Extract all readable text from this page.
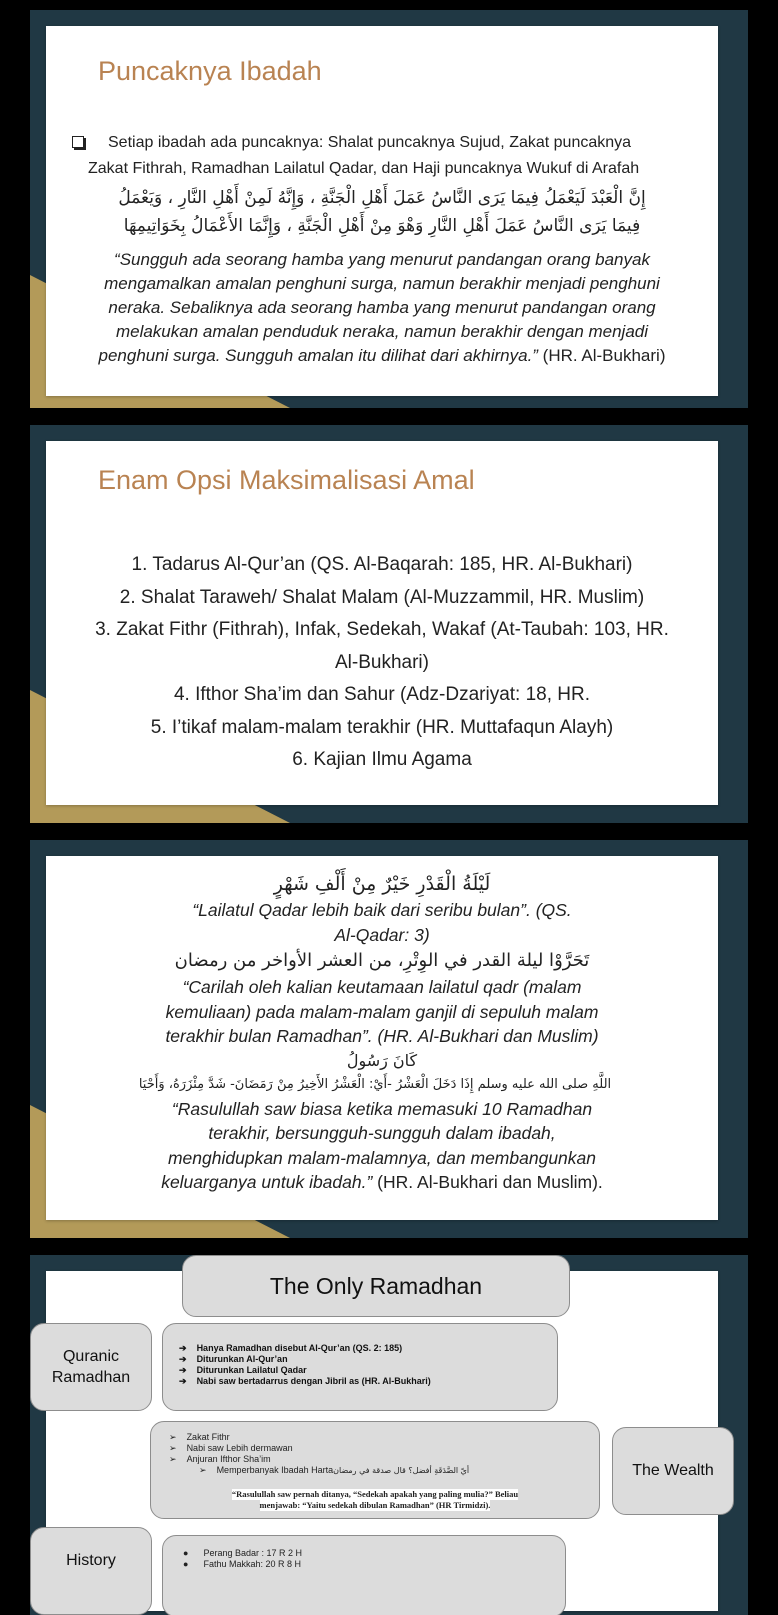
Puncaknya Ibadah
Setiap ibadah ada puncaknya: Shalat puncaknya Sujud, Zakat puncaknya
Zakat Fithrah, Ramadhan Lailatul Qadar, dan Haji puncaknya Wukuf di Arafah
إِنَّ الْعَبْدَ لَيَعْمَلُ فِيمَا يَرَى النَّاسُ عَمَلَ أَهْلِ الْجَنَّةِ ، وَإِنَّهُ لَمِنْ أَهْلِ النَّارِ ، وَيَعْمَلُ
فِيمَا يَرَى النَّاسُ عَمَلَ أَهْلِ النَّارِ وَهْوَ مِنْ أَهْلِ الْجَنَّةِ ، وَإِنَّمَا الأَعْمَالُ بِخَوَاتِيمِهَا
“Sungguh ada seorang hamba yang menurut pandangan orang banyak
mengamalkan amalan penghuni surga, namun berakhir menjadi penghuni
neraka. Sebaliknya ada seorang hamba yang menurut pandangan orang
melakukan amalan penduduk neraka, namun berakhir dengan menjadi
penghuni surga. Sungguh amalan itu dilihat dari akhirnya.” (HR. Al-Bukhari)
Enam Opsi Maksimalisasi Amal
1. Tadarus Al-Qur’an (QS. Al-Baqarah: 185, HR. Al-Bukhari)
2. Shalat Taraweh/ Shalat Malam (Al-Muzzammil, HR. Muslim)
3. Zakat Fithr (Fithrah), Infak, Sedekah, Wakaf (At-Taubah: 103, HR.
Al-Bukhari)
4. Ifthor Sha’im dan Sahur (Adz-Dzariyat: 18, HR.
5. I’tikaf malam-malam terakhir (HR. Muttafaqun Alayh)
6. Kajian Ilmu Agama
لَيْلَةُ الْقَدْرِ خَيْرٌ مِنْ أَلْفِ شَهْرٍ
“Lailatul Qadar lebih baik dari seribu bulan”. (QS.
Al-Qadar: 3)
تَحَرَّوْا ليلة القدر في الوِتْرِ، من العشر الأواخر من رمضان
“Carilah oleh kalian keutamaan lailatul qadr (malam
kemuliaan) pada malam-malam ganjil di sepuluh malam
terakhir bulan Ramadhan”. (HR. Al-Bukhari dan Muslim)
كَانَ رَسُولُ
اللَّهِ صلى الله عليه وسلم إِذَا دَخَلَ الْعَشْرُ -أَيْ: الْعَشْرُ الأَخِيرُ مِنْ رَمَضَانَ- شَدَّ مِئْزَرَهُ، وَأَحْيَا
“Rasulullah saw biasa ketika memasuki 10 Ramadhan
terakhir, bersungguh-sungguh dalam ibadah,
menghidupkan malam-malamnya, dan membangunkan
keluarganya untuk ibadah.” (HR. Al-Bukhari dan Muslim).
The Only Ramadhan
Quranic
Ramadhan
➔ Hanya Ramadhan disebut Al-Qur’an (QS. 2: 185)
➔ Diturunkan Al-Qur’an
➔ Diturunkan Lailatul Qadar
➔ Nabi saw bertadarrus dengan Jibril as (HR. Al-Bukhari)
➢ Zakat Fithr
➢ Nabi saw Lebih dermawan
➢ Anjuran Ifthor Sha’im
➢ Memperbanyak Ibadah Hartaأيّ الصَّدَقَةِ أفضل؟ قال صدقة في رمضان
“Rasulullah saw pernah ditanya, “Sedekah apakah yang paling mulia?” Beliau
menjawab: “Yaitu sedekah dibulan Ramadhan” (HR Tirmidzi).
The Wealth
History	● Perang Badar : 17 R 2 H
● Fathu Makkah: 20 R 8 H
